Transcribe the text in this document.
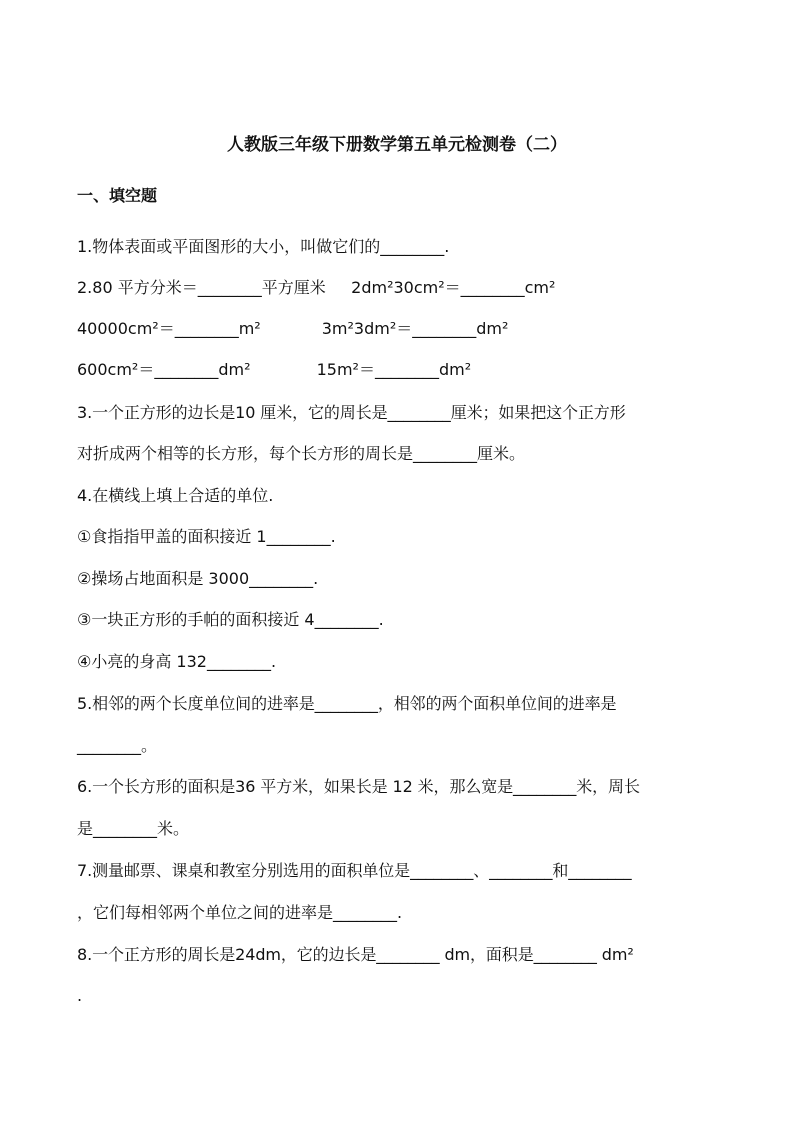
人教版三年级下册数学第五单元检测卷（二）
一、填空题
1.物体表面或平面图形的大小，叫做它们的________.
2.80 平方分米＝________平方厘米     2dm²30cm²＝________cm²
40000cm²＝________m²            3m²3dm²＝________dm²
600cm²＝________dm²             15m²＝________dm²
3.一个正方形的边长是10 厘米，它的周长是________厘米；如果把这个正方形
对折成两个相等的长方形，每个长方形的周长是________厘米。
4.在横线上填上合适的单位.
①食指指甲盖的面积接近 1________.
②操场占地面积是 3000________.
③一块正方形的手帕的面积接近 4________.
④小亮的身高 132________.
5.相邻的两个长度单位间的进率是________，相邻的两个面积单位间的进率是
________。
6.一个长方形的面积是36 平方米，如果长是 12 米，那么宽是________米，周长
是________米。
7.测量邮票、课桌和教室分别选用的面积单位是________、________和________
，它们每相邻两个单位之间的进率是________.
8.一个正方形的周长是24dm，它的边长是________ dm，面积是________ dm²
.
